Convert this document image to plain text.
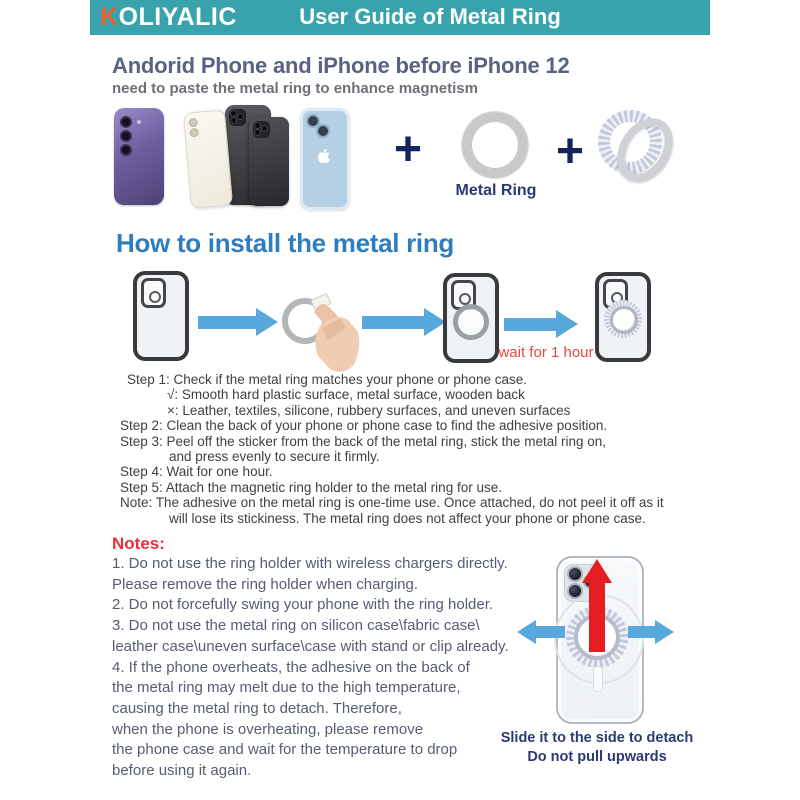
KOLIYALIC	User Guide of Metal Ring
Andorid Phone and iPhone before iPhone 12
need to paste the metal ring to enhance magnetism
+
Metal Ring
+
How to install the metal ring
wait for 1 hour
Step 1: Check if the metal ring matches your phone or phone case.
√: Smooth hard plastic surface, metal surface, wooden back
×: Leather, textiles, silicone, rubbery surfaces, and uneven surfaces
Step 2: Clean the back of your phone or phone case to find the adhesive position.
Step 3: Peel off the sticker from the back of the metal ring, stick the metal ring on,
and press evenly to secure it firmly.
Step 4: Wait for one hour.
Step 5: Attach the magnetic ring holder to the metal ring for use.
Note: The adhesive on the metal ring is one-time use. Once attached, do not peel it off as it
will lose its stickiness. The metal ring does not affect your phone or phone case.
Notes:
1. Do not use the ring holder with wireless chargers directly.
Please remove the ring holder when charging.
2. Do not forcefully swing your phone with the ring holder.
3. Do not use the metal ring on silicon case\fabric case\
leather case\uneven surface\case with stand or clip already.
4. If the phone overheats, the adhesive on the back of
the metal ring may melt due to the high temperature,
causing the metal ring to detach. Therefore,
when the phone is overheating, please remove
the phone case and wait for the temperature to drop
before using it again.
Slide it to the side to detach
Do not pull upwards
